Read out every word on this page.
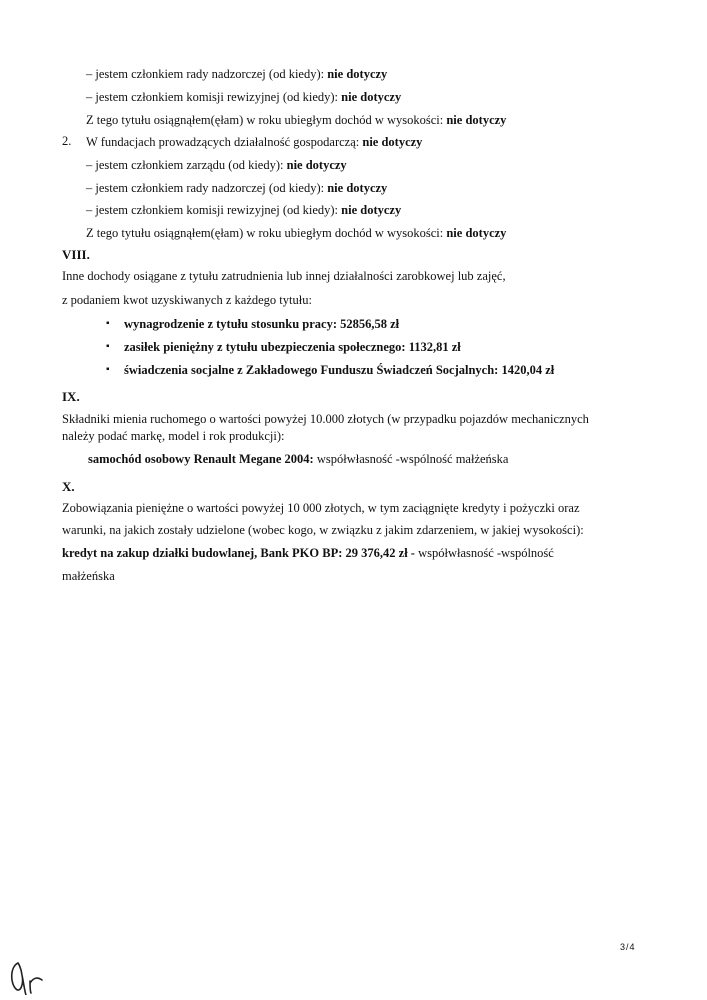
– jestem członkiem rady nadzorczej (od kiedy): nie dotyczy
– jestem członkiem komisji rewizyjnej (od kiedy): nie dotyczy
Z tego tytułu osiągnąłem(ęłam) w roku ubiegłym dochód w wysokości: nie dotyczy
2. W fundacjach prowadzących działalność gospodarczą: nie dotyczy
– jestem członkiem zarządu (od kiedy): nie dotyczy
– jestem członkiem rady nadzorczej (od kiedy): nie dotyczy
– jestem członkiem komisji rewizyjnej (od kiedy): nie dotyczy
Z tego tytułu osiągnąłem(ęłam) w roku ubiegłym dochód w wysokości: nie dotyczy
VIII.
Inne dochody osiągane z tytułu zatrudnienia lub innej działalności zarobkowej lub zajęć,
z podaniem kwot uzyskiwanych z każdego tytułu:
▪ wynagrodzenie z tytułu stosunku pracy: 52856,58 zł
▪ zasiłek pieniężny z tytułu ubezpieczenia społecznego: 1132,81 zł
▪ świadczenia socjalne z Zakładowego Funduszu Świadczeń Socjalnych: 1420,04 zł
IX.
Składniki mienia ruchomego o wartości powyżej 10.000 złotych (w przypadku pojazdów mechanicznych
należy podać markę, model i rok produkcji):
samochód osobowy Renault Megane 2004: współwłasność -wspólność małżeńska
X.
Zobowiązania pieniężne o wartości powyżej 10 000 złotych, w tym zaciągnięte kredyty i pożyczki oraz
warunki, na jakich zostały udzielone (wobec kogo, w związku z jakim zdarzeniem, w jakiej wysokości):
kredyt na zakup działki budowlanej, Bank PKO BP: 29 376,42 zł - współwłasność -wspólność
małżeńska
3/4
